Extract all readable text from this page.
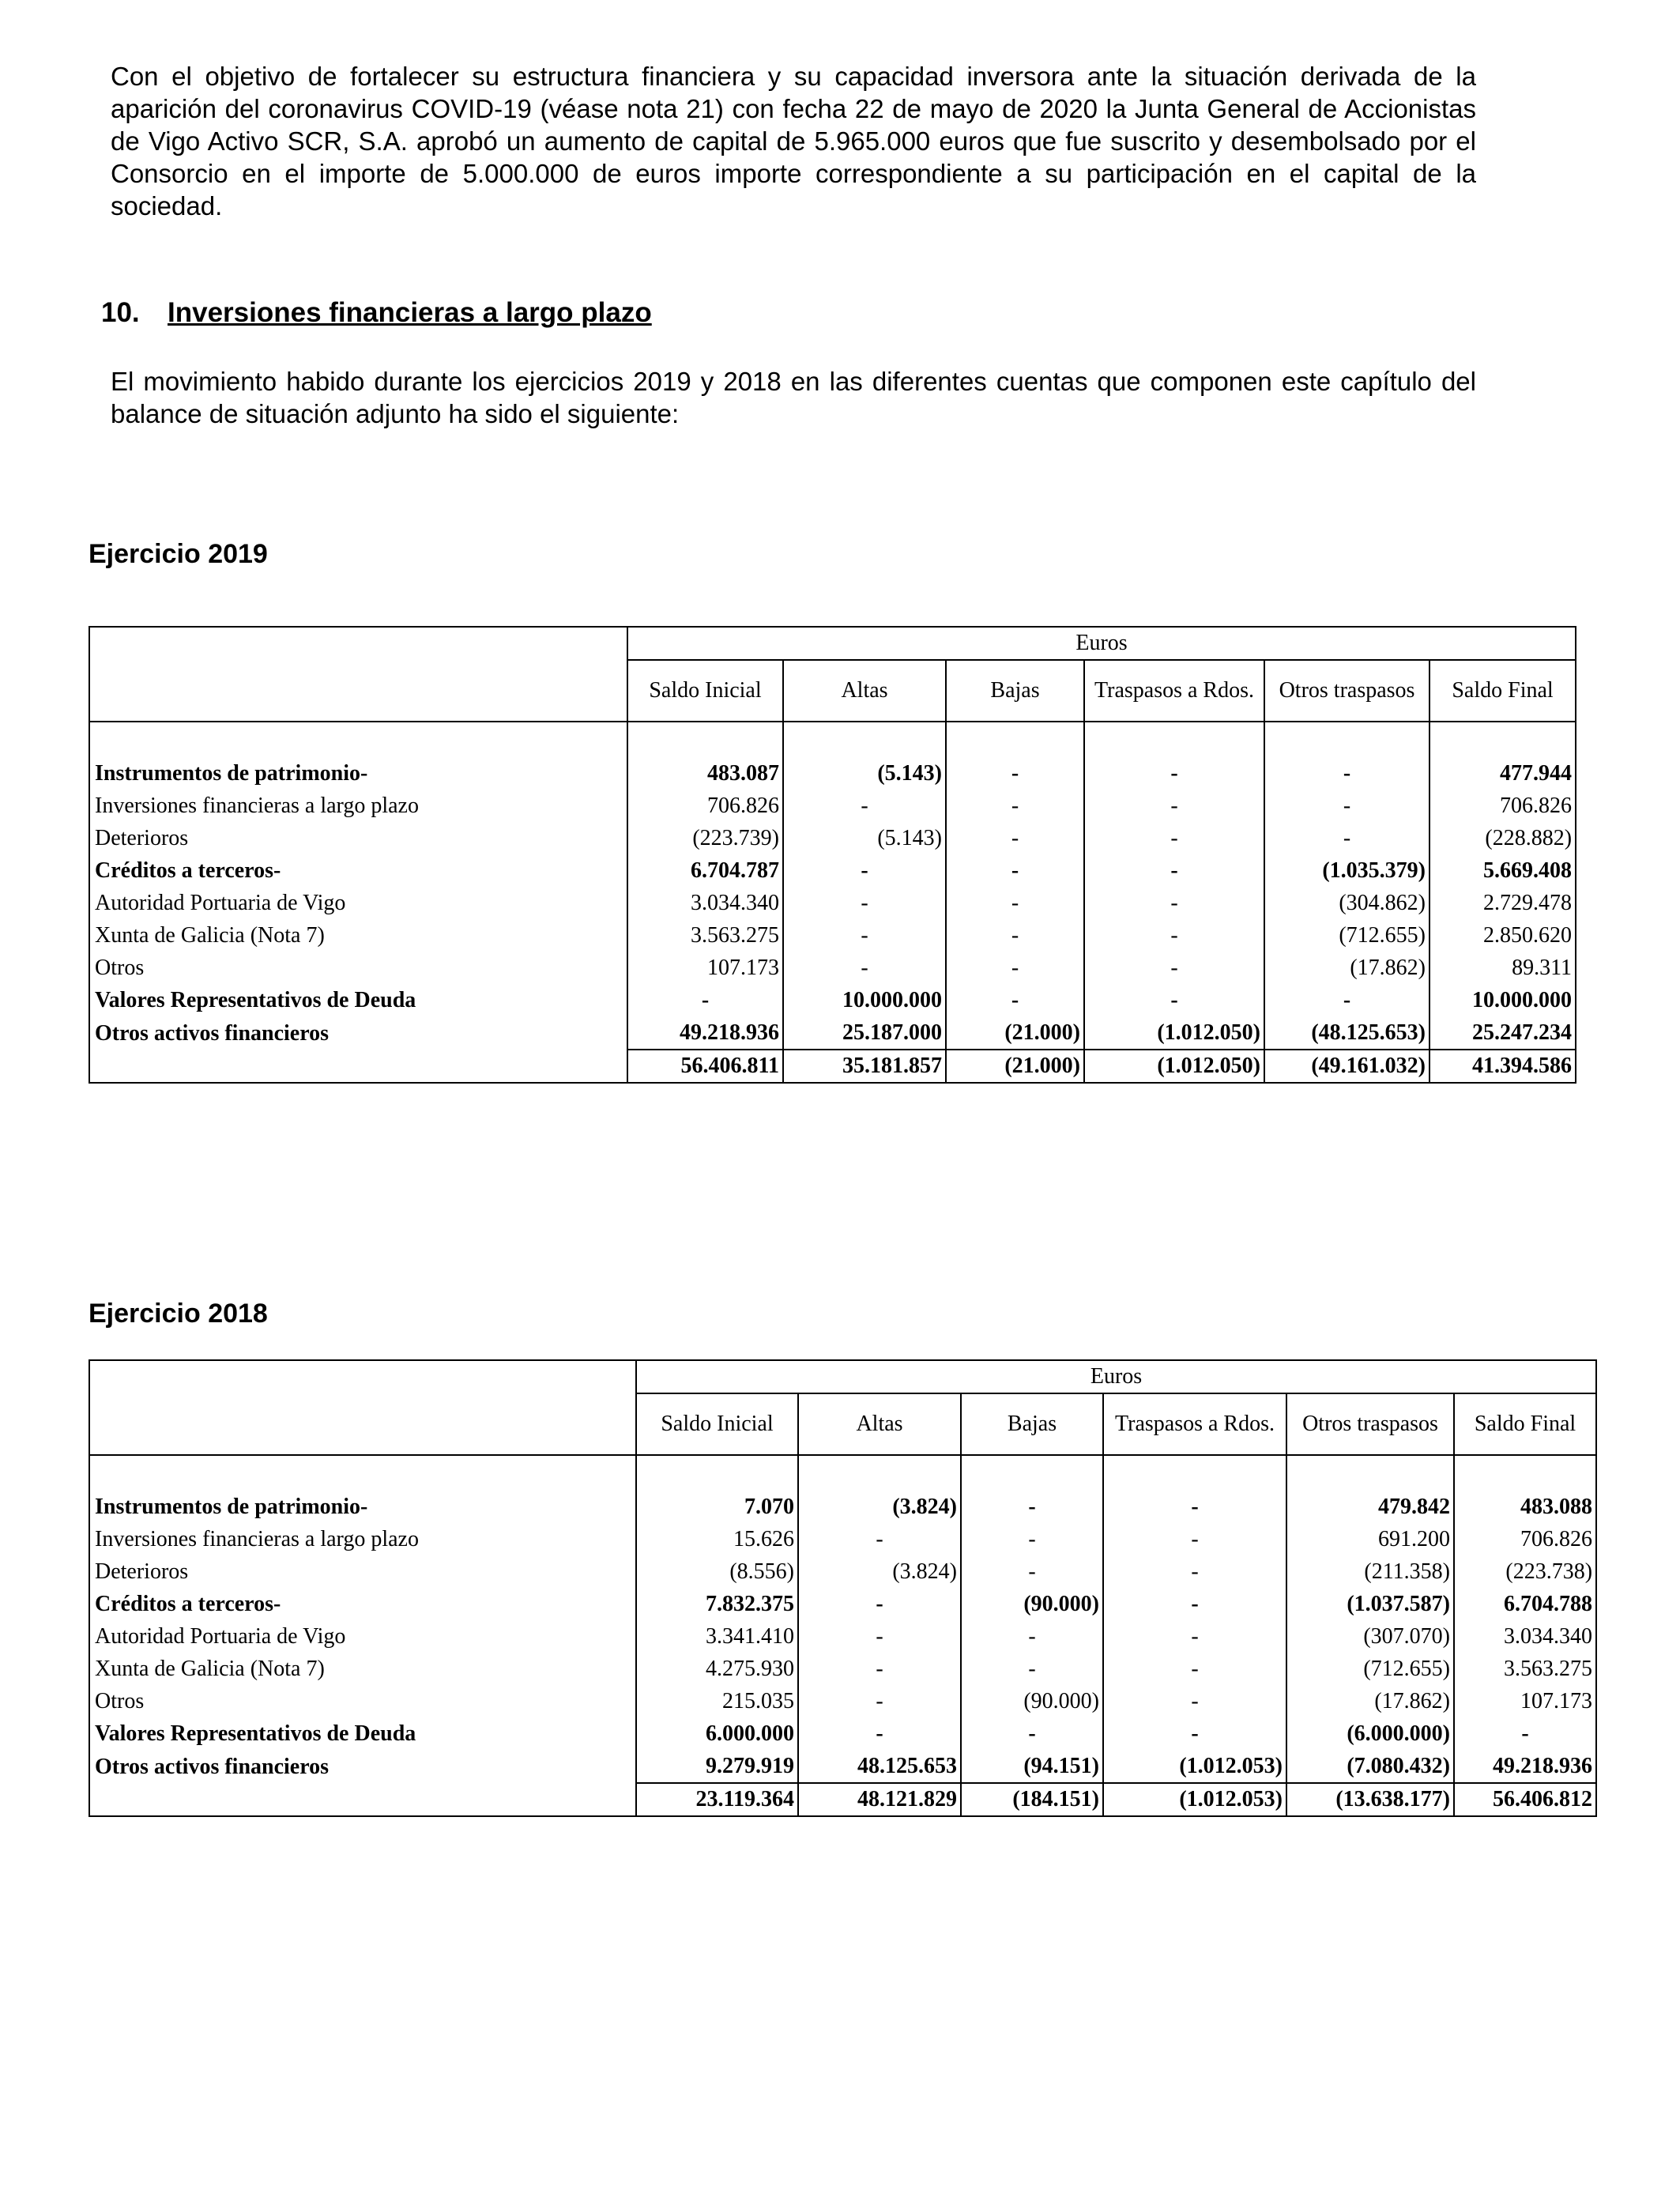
Con el objetivo de fortalecer su estructura financiera y su capacidad inversora ante la situación derivada de la aparición del coronavirus COVID-19 (véase nota 21) con fecha 22 de mayo de 2020 la Junta General de Accionistas de Vigo Activo SCR, S.A. aprobó un aumento de capital de 5.965.000 euros que fue suscrito y desembolsado por el Consorcio en el importe de 5.000.000 de euros importe correspondiente a su participación en el capital de la sociedad.

10. Inversiones financieras a largo plazo

El movimiento habido durante los ejercicios 2019 y 2018 en las diferentes cuentas que componen este capítulo del balance de situación adjunto ha sido el siguiente:

Ejercicio 2019
	Euros					
	Saldo Inicial	Altas	Bajas	Traspasos a Rdos.	Otros traspasos	Saldo Final

Instrumentos de patrimonio-	483.087	(5.143)	-	-	-	477.944
Inversiones financieras a largo plazo	706.826	-	-	-	-	706.826
Deterioros	(223.739)	(5.143)	-	-	-	(228.882)
Créditos a terceros-	6.704.787	-	-	-	(1.035.379)	5.669.408
Autoridad Portuaria de Vigo	3.034.340	-	-	-	(304.862)	2.729.478
Xunta de Galicia (Nota 7)	3.563.275	-	-	-	(712.655)	2.850.620
Otros	107.173	-	-	-	(17.862)	89.311
Valores Representativos de Deuda	-	10.000.000	-	-	-	10.000.000
Otros activos financieros	49.218.936	25.187.000	(21.000)	(1.012.050)	(48.125.653)	25.247.234
	56.406.811	35.181.857	(21.000)	(1.012.050)	(49.161.032)	41.394.586
Ejercicio 2018
	Euros					
	Saldo Inicial	Altas	Bajas	Traspasos a Rdos.	Otros traspasos	Saldo Final

Instrumentos de patrimonio-	7.070	(3.824)	-	-	479.842	483.088
Inversiones financieras a largo plazo	15.626	-	-	-	691.200	706.826
Deterioros	(8.556)	(3.824)	-	-	(211.358)	(223.738)
Créditos a terceros-	7.832.375	-	(90.000)	-	(1.037.587)	6.704.788
Autoridad Portuaria de Vigo	3.341.410	-	-	-	(307.070)	3.034.340
Xunta de Galicia (Nota 7)	4.275.930	-	-	-	(712.655)	3.563.275
Otros	215.035	-	(90.000)	-	(17.862)	107.173
Valores Representativos de Deuda	6.000.000	-	-	-	(6.000.000)	-
Otros activos financieros	9.279.919	48.125.653	(94.151)	(1.012.053)	(7.080.432)	49.218.936
	23.119.364	48.121.829	(184.151)	(1.012.053)	(13.638.177)	56.406.812
